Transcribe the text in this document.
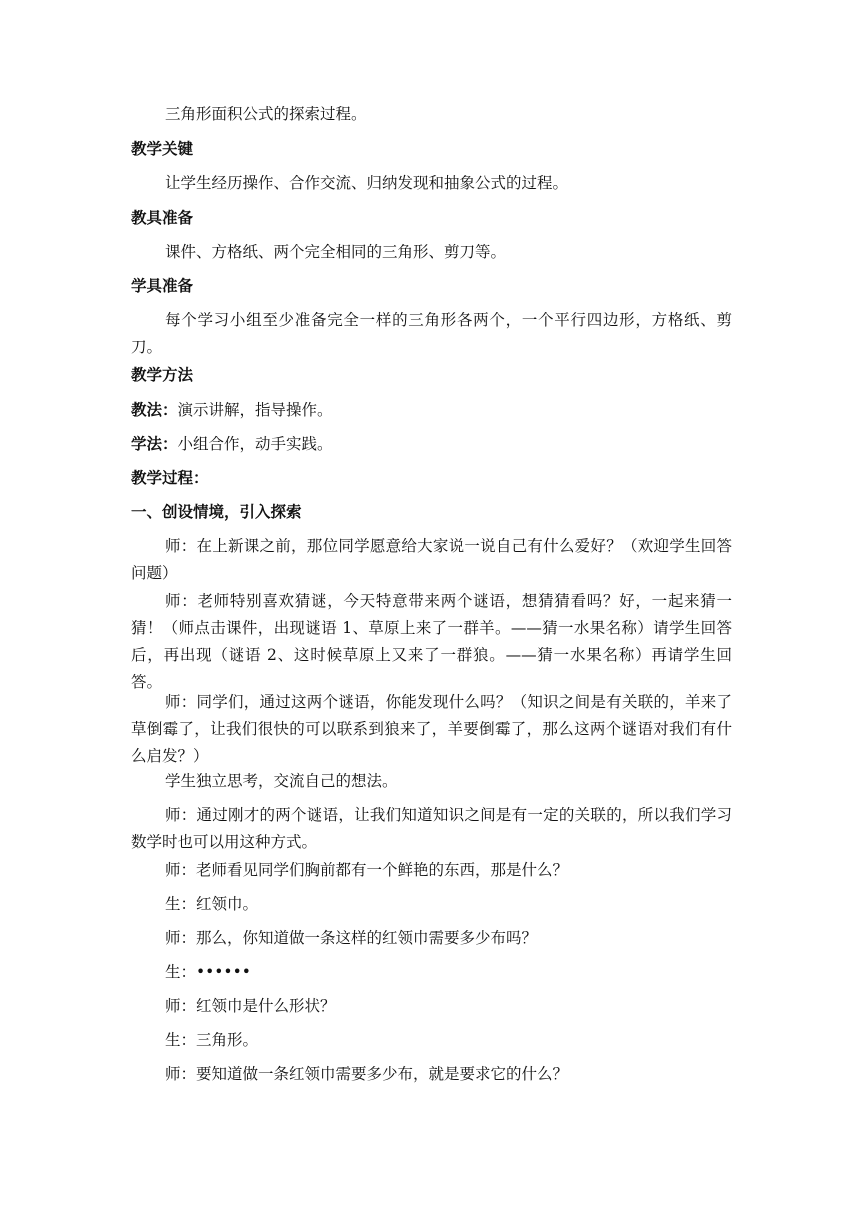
三角形面积公式的探索过程。

教学关键

让学生经历操作、合作交流、归纳发现和抽象公式的过程。

教具准备

课件、方格纸、两个完全相同的三角形、剪刀等。

学具准备

每个学习小组至少准备完全一样的三角形各两个，一个平行四边形，方格纸、剪刀。

教学方法

教法：演示讲解，指导操作。

学法：小组合作，动手实践。

教学过程：

一、创设情境，引入探索

师：在上新课之前，那位同学愿意给大家说一说自己有什么爱好？（欢迎学生回答问题）

师：老师特别喜欢猜谜，今天特意带来两个谜语，想猜猜看吗？好，一起来猜一猜！（师点击课件，出现谜语 1、草原上来了一群羊。——猜一水果名称）请学生回答后，再出现（谜语 2、这时候草原上又来了一群狼。——猜一水果名称）再请学生回答。

师：同学们，通过这两个谜语，你能发现什么吗？（知识之间是有关联的，羊来了草倒霉了，让我们很快的可以联系到狼来了，羊要倒霉了，那么这两个谜语对我们有什么启发？）

学生独立思考，交流自己的想法。

师：通过刚才的两个谜语，让我们知道知识之间是有一定的关联的，所以我们学习数学时也可以用这种方式。

师：老师看见同学们胸前都有一个鲜艳的东西，那是什么？

生：红领巾。

师：那么，你知道做一条这样的红领巾需要多少布吗？

生：••••••

师：红领巾是什么形状？

生：三角形。

师：要知道做一条红领巾需要多少布，就是要求它的什么？
